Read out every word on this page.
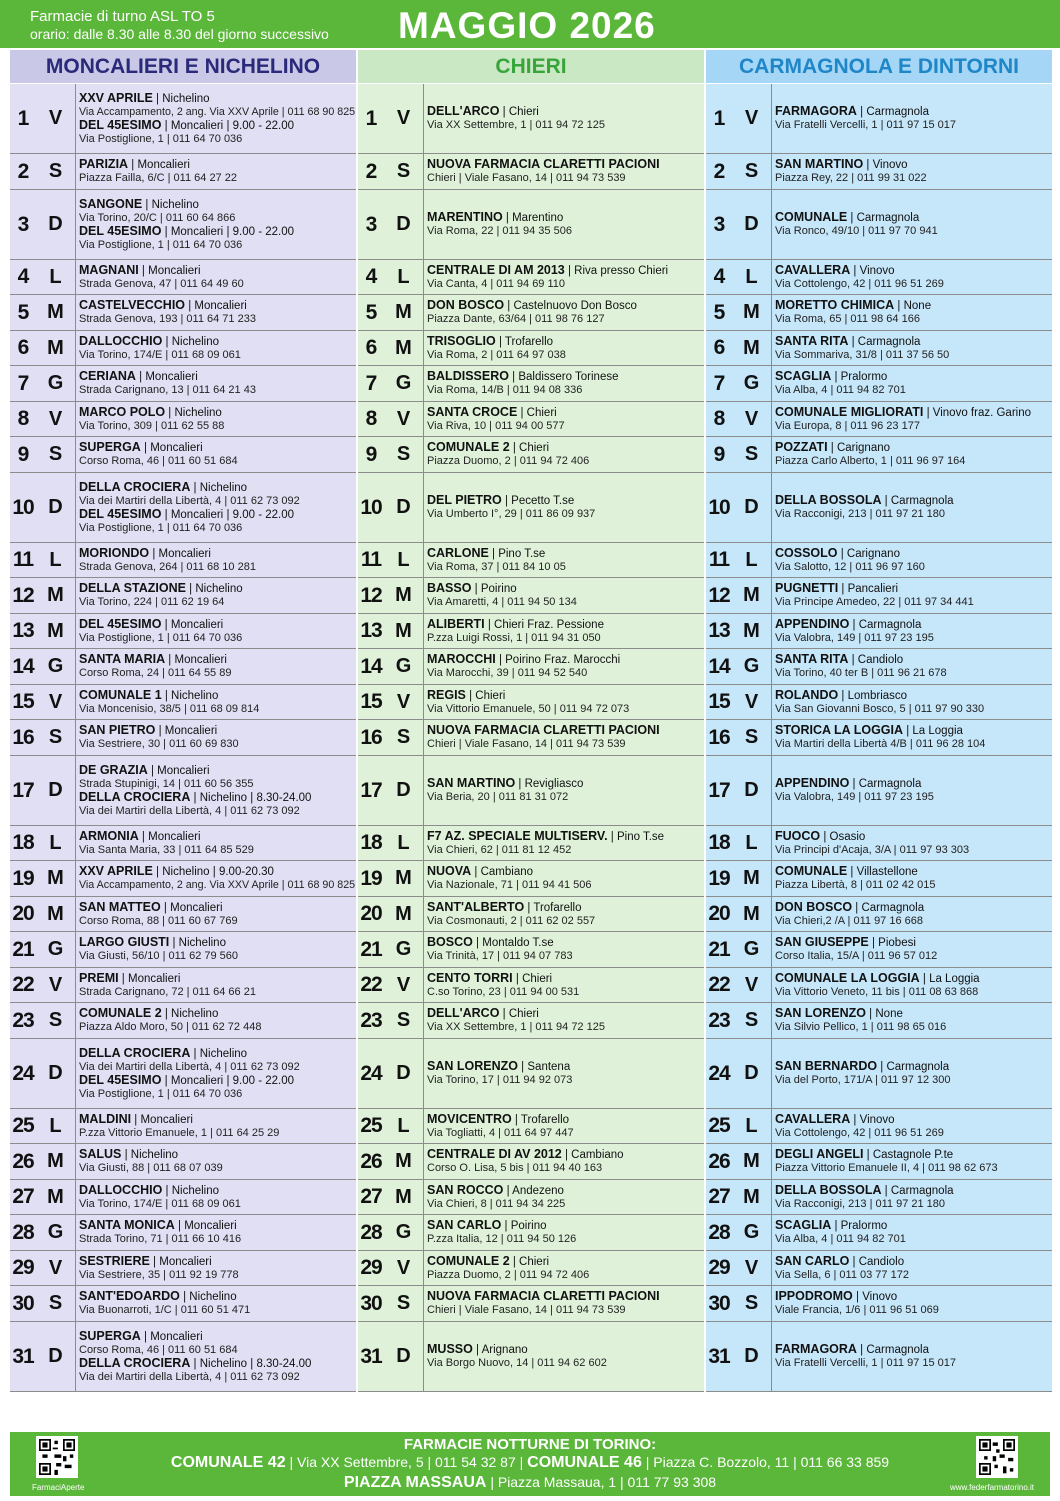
Farmacie di turno ASL TO 5
orario: dalle 8.30 alle 8.30 del giorno successivo MAGGIO 2026
MONCALIERI E NICHELINO	CHIERI	CARMAGNOLA E DINTORNI
1	V
XXV APRILE | Nichelino
Via Accampamento, 2 ang. Via XXV Aprile | 011 68 90 825
DEL 45ESIMO | Moncalieri | 9.00 - 22.00
Via Postiglione, 1 | 011 64 70 036
2	S	PARIZIA | Moncalieri
Piazza Failla, 6/C | 011 64 27 22
3 D
SANGONE | Nichelino
Via Torino, 20/C | 011 60 64 866
DEL 45ESIMO | Moncalieri | 9.00 - 22.00
Via Postiglione, 1 | 011 64 70 036
4	L	MAGNANI | Moncalieri
Strada Genova, 47 | 011 64 49 60
5 M	CASTELVECCHIO | Moncalieri
Strada Genova, 193 | 011 64 71 233
6 M	DALLOCCHIO | Nichelino
Via Torino, 174/E | 011 68 09 061
7 G	CERIANA | Moncalieri
Strada Carignano, 13 | 011 64 21 43
8	V	MARCO POLO | Nichelino
Via Torino, 309 | 011 62 55 88
9	S	SUPERGA | Moncalieri
Corso Roma, 46 | 011 60 51 684
10 D
DELLA CROCIERA | Nichelino
Via dei Martiri della Libertà, 4 | 011 62 73 092
DEL 45ESIMO | Moncalieri | 9.00 - 22.00
Via Postiglione, 1 | 011 64 70 036
11 L	MORIONDO | Moncalieri
Strada Genova, 264 | 011 68 10 281
12 M	DELLA STAZIONE | Nichelino
Via Torino, 224 | 011 62 19 64
13 M	DEL 45ESIMO | Moncalieri
Via Postiglione, 1 | 011 64 70 036
14 G	SANTA MARIA | Moncalieri
Corso Roma, 24 | 011 64 55 89
15 V	COMUNALE 1 | Nichelino
Via Moncenisio, 38/5 | 011 68 09 814
16 S	SAN PIETRO | Moncalieri
Via Sestriere, 30 | 011 60 69 830
17 D
DE GRAZIA | Moncalieri
Strada Stupinigi, 14 | 011 60 56 355
DELLA CROCIERA | Nichelino | 8.30-24.00
Via dei Martiri della Libertà, 4 | 011 62 73 092
18 L	ARMONIA | Moncalieri
Via Santa Maria, 33 | 011 64 85 529
19 M	XXV APRILE | Nichelino | 9.00-20.30
Via Accampamento, 2 ang. Via XXV Aprile | 011 68 90 825
20 M	SAN MATTEO | Moncalieri
Corso Roma, 88 | 011 60 67 769
21 G	LARGO GIUSTI | Nichelino
Via Giusti, 56/10 | 011 62 79 560
22 V	PREMI | Moncalieri
Strada Carignano, 72 | 011 64 66 21
23 S	COMUNALE 2 | Nichelino
Piazza Aldo Moro, 50 | 011 62 72 448
24 D
DELLA CROCIERA | Nichelino
Via dei Martiri della Libertà, 4 | 011 62 73 092
DEL 45ESIMO | Moncalieri | 9.00 - 22.00
Via Postiglione, 1 | 011 64 70 036
25 L	MALDINI | Moncalieri
P.zza Vittorio Emanuele, 1 | 011 64 25 29
26 M	SALUS | Nichelino
Via Giusti, 88 | 011 68 07 039
27 M	DALLOCCHIO | Nichelino
Via Torino, 174/E | 011 68 09 061
28 G	SANTA MONICA | Moncalieri
Strada Torino, 71 | 011 66 10 416
29 V	SESTRIERE | Moncalieri
Via Sestriere, 35 | 011 92 19 778
30 S	SANT'EDOARDO | Nichelino
Via Buonarroti, 1/C | 011 60 51 471
31 D
SUPERGA | Moncalieri
Corso Roma, 46 | 011 60 51 684
DELLA CROCIERA | Nichelino | 8.30-24.00
Via dei Martiri della Libertà, 4 | 011 62 73 092
1	V	DELL'ARCO | Chieri
Via XX Settembre, 1 | 011 94 72 125
2	S	NUOVA FARMACIA CLARETTI PACIONI
Chieri | Viale Fasano, 14 | 011 94 73 539
3 D	MARENTINO | Marentino
Via Roma, 22 | 011 94 35 506
4	L	CENTRALE DI AM 2013 | Riva presso Chieri
Via Canta, 4 | 011 94 69 110
5 M	DON BOSCO | Castelnuovo Don Bosco
Piazza Dante, 63/64 | 011 98 76 127
6 M	TRISOGLIO | Trofarello
Via Roma, 2 | 011 64 97 038
7 G	BALDISSERO | Baldissero Torinese
Via Roma, 14/B | 011 94 08 336
8	V	SANTA CROCE | Chieri
Via Riva, 10 | 011 94 00 577
9	S	COMUNALE 2 | Chieri
Piazza Duomo, 2 | 011 94 72 406
10 D	DEL PIETRO | Pecetto T.se
Via Umberto I°, 29 | 011 86 09 937
11 L	CARLONE | Pino T.se
Via Roma, 37 | 011 84 10 05
12 M	BASSO | Poirino
Via Amaretti, 4 | 011 94 50 134
13 M	ALIBERTI | Chieri Fraz. Pessione
P.zza Luigi Rossi, 1 | 011 94 31 050
14 G	MAROCCHI | Poirino Fraz. Marocchi
Via Marocchi, 39 | 011 94 52 540
15 V	REGIS | Chieri
Via Vittorio Emanuele, 50 | 011 94 72 073
16 S	NUOVA FARMACIA CLARETTI PACIONI
Chieri | Viale Fasano, 14 | 011 94 73 539
17 D	SAN MARTINO | Revigliasco
Via Beria, 20 | 011 81 31 072
18 L	F7 AZ. SPECIALE MULTISERV. | Pino T.se
Via Chieri, 62 | 011 81 12 452
19 M	NUOVA | Cambiano
Via Nazionale, 71 | 011 94 41 506
20 M	SANT'ALBERTO | Trofarello
Via Cosmonauti, 2 | 011 62 02 557
21 G	BOSCO | Montaldo T.se
Via Trinità, 17 | 011 94 07 783
22 V	CENTO TORRI | Chieri
C.so Torino, 23 | 011 94 00 531
23 S	DELL'ARCO | Chieri
Via XX Settembre, 1 | 011 94 72 125
24 D	SAN LORENZO | Santena
Via Torino, 17 | 011 94 92 073
25 L	MOVICENTRO | Trofarello
Via Togliatti, 4 | 011 64 97 447
26 M	CENTRALE DI AV 2012 | Cambiano
Corso O. Lisa, 5 bis | 011 94 40 163
27 M	SAN ROCCO | Andezeno
Via Chieri, 8 | 011 94 34 225
28 G	SAN CARLO | Poirino
P.zza Italia, 12 | 011 94 50 126
29 V	COMUNALE 2 | Chieri
Piazza Duomo, 2 | 011 94 72 406
30 S	NUOVA FARMACIA CLARETTI PACIONI
Chieri | Viale Fasano, 14 | 011 94 73 539
31 D	MUSSO | Arignano
Via Borgo Nuovo, 14 | 011 94 62 602
1	V	FARMAGORÀ | Carmagnola
Via Fratelli Vercelli, 1 | 011 97 15 017
2	S	SAN MARTINO | Vinovo
Piazza Rey, 22 | 011 99 31 022
3 D	COMUNALE | Carmagnola
Via Ronco, 49/10 | 011 97 70 941
4	L	CAVALLERA | Vinovo
Via Cottolengo, 42 | 011 96 51 269
5 M	MORETTO CHIMICA | None
Via Roma, 65 | 011 98 64 166
6 M	SANTA RITA | Carmagnola
Via Sommariva, 31/8 | 011 37 56 50
7 G	SCAGLIA | Pralormo
Via Alba, 4 | 011 94 82 701
8	V	COMUNALE MIGLIORATI | Vinovo fraz. Garino
Via Europa, 8 | 011 96 23 177
9	S	POZZATI | Carignano
Piazza Carlo Alberto, 1 | 011 96 97 164
10 D	DELLA BOSSOLA | Carmagnola
Via Racconigi, 213 | 011 97 21 180
11 L	COSSOLO | Carignano
Via Salotto, 12 | 011 96 97 160
12 M	PUGNETTI | Pancalieri
Via Principe Amedeo, 22 | 011 97 34 441
13 M	APPENDINO | Carmagnola
Via Valobra, 149 | 011 97 23 195
14 G	SANTA RITA | Candiolo
Via Torino, 40 ter B | 011 96 21 678
15 V	ROLANDO | Lombriasco
Via San Giovanni Bosco, 5 | 011 97 90 330
16 S	STORICA LA LOGGIA | La Loggia
Via Martiri della Libertà 4/B | 011 96 28 104
17 D	APPENDINO | Carmagnola
Via Valobra, 149 | 011 97 23 195
18 L	FUOCO | Osasio
Via Principi d'Acaja, 3/A | 011 97 93 303
19 M	COMUNALE | Villastellone
Piazza Libertà, 8 | 011 02 42 015
20 M	DON BOSCO | Carmagnola
Via Chieri,2 /A | 011 97 16 668
21 G	SAN GIUSEPPE | Piobesi
Corso Italia, 15/A | 011 96 57 012
22 V	COMUNALE LA LOGGIA | La Loggia
Via Vittorio Veneto, 11 bis | 011 08 63 868
23 S	SAN LORENZO | None
Via Silvio Pellico, 1 | 011 98 65 016
24 D	SAN BERNARDO | Carmagnola
Via del Porto, 171/A | 011 97 12 300
25 L	CAVALLERA | Vinovo
Via Cottolengo, 42 | 011 96 51 269
26 M	DEGLI ANGELI | Castagnole P.te
Piazza Vittorio Emanuele II, 4 | 011 98 62 673
27 M	DELLA BOSSOLA | Carmagnola
Via Racconigi, 213 | 011 97 21 180
28 G	SCAGLIA | Pralormo
Via Alba, 4 | 011 94 82 701
29 V	SAN CARLO | Candiolo
Via Sella, 6 | 011 03 77 172
30 S	IPPODROMO | Vinovo
Viale Francia, 1/6 | 011 96 51 069
31 D	FARMAGORÀ | Carmagnola
Via Fratelli Vercelli, 1 | 011 97 15 017
FarmaciAperte
FARMACIE NOTTURNE DI TORINO:
COMUNALE 42 | Via XX Settembre, 5 | 011 54 32 87 | COMUNALE 46 | Piazza C. Bozzolo, 11 | 011 66 33 859
PIAZZA MASSAUA | Piazza Massaua, 1 | 011 77 93 308	www.federfarmatorino.it
